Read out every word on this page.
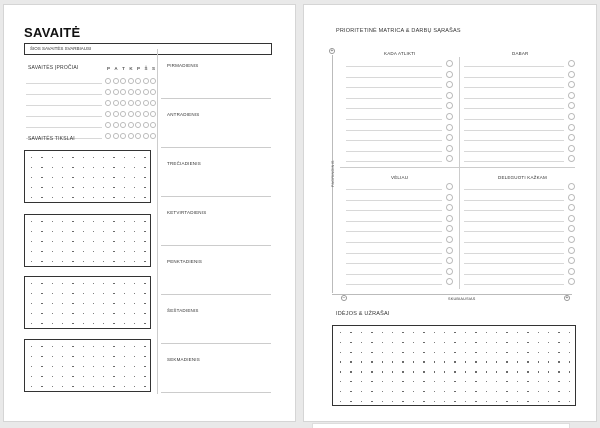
SAVAITĖ
ŠIOS SAVAITĖS SVARBIAUSI
SAVAITĖS ĮPROČIAI	P A	T	K P Š S
SAVAITĖS TIKSLAI
PIRMADIENIS
ANTRADIENIS
TREČIADIENIS
KETVIRTADIENIS
PENKTADIENIS
ŠEŠTADIENIS
SEKMADIENIS
PRIORITETINĖ MATRICA & DARBŲ SĄRAŠAS
+
−	+
PAGRINDINIS
SKUBIAUSIAS
KADA ATLIKTI	DABAR
VĖLIAU	DELEGUOTI KAŽKAM
IDĖJOS & UŽRAŠAI
